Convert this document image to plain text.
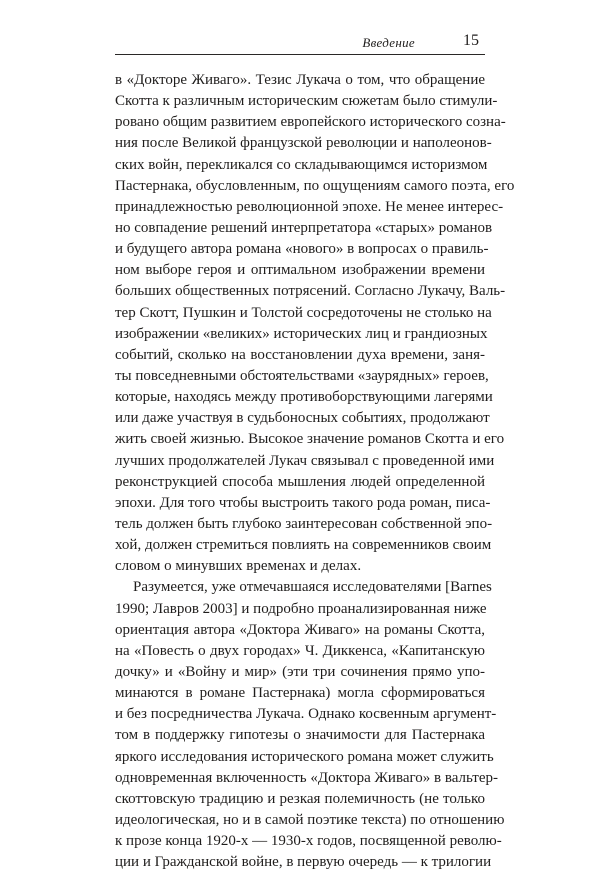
Введение	15
в «Докторе Живаго». Тезис Лукача о том, что обращение
Скотта к различным историческим сюжетам было стимули-
ровано общим развитием европейского исторического созна-
ния после Великой французской революции и наполеонов-
ских войн, перекликался со складывающимся историзмом
Пастернака, обусловленным, по ощущениям самого поэта, его
принадлежностью революционной эпохе. Не менее интерес-
но совпадение решений интерпретатора «старых» романов
и будущего автора романа «нового» в вопросах о правиль-
ном выборе героя и оптимальном изображении времени
больших общественных потрясений. Согласно Лукачу, Валь-
тер Скотт, Пушкин и Толстой сосредоточены не столько на
изображении «великих» исторических лиц и грандиозных
событий, сколько на восстановлении духа времени, заня-
ты повседневными обстоятельствами «заурядных» героев,
которые, находясь между противоборствующими лагерями
или даже участвуя в судьбоносных событиях, продолжают
жить своей жизнью. Высокое значение романов Скотта и его
лучших продолжателей Лукач связывал с проведенной ими
реконструкцией способа мышления людей определенной
эпохи. Для того чтобы выстроить такого рода роман, писа-
тель должен быть глубоко заинтересован собственной эпо-
хой, должен стремиться повлиять на современников своим
словом о минувших временах и делах.
Разумеется, уже отмечавшаяся исследователями [Barnes
1990; Лавров 2003] и подробно проанализированная ниже
ориентация автора «Доктора Живаго» на романы Скотта,
на «Повесть о двух городах» Ч. Диккенса, «Капитанскую
дочку» и «Войну и мир» (эти три сочинения прямо упо-
минаются в романе Пастернака) могла сформироваться
и без посредничества Лукача. Однако косвенным аргумент-
том в поддержку гипотезы о значимости для Пастернака
яркого исследования исторического романа может служить
одновременная включенность «Доктора Живаго» в вальтер-
скоттовскую традицию и резкая полемичность (не только
идеологическая, но и в самой поэтике текста) по отношению
к прозе конца 1920-х — 1930-х годов, посвященной револю-
ции и Гражданской войне, в первую очередь — к трилогии
